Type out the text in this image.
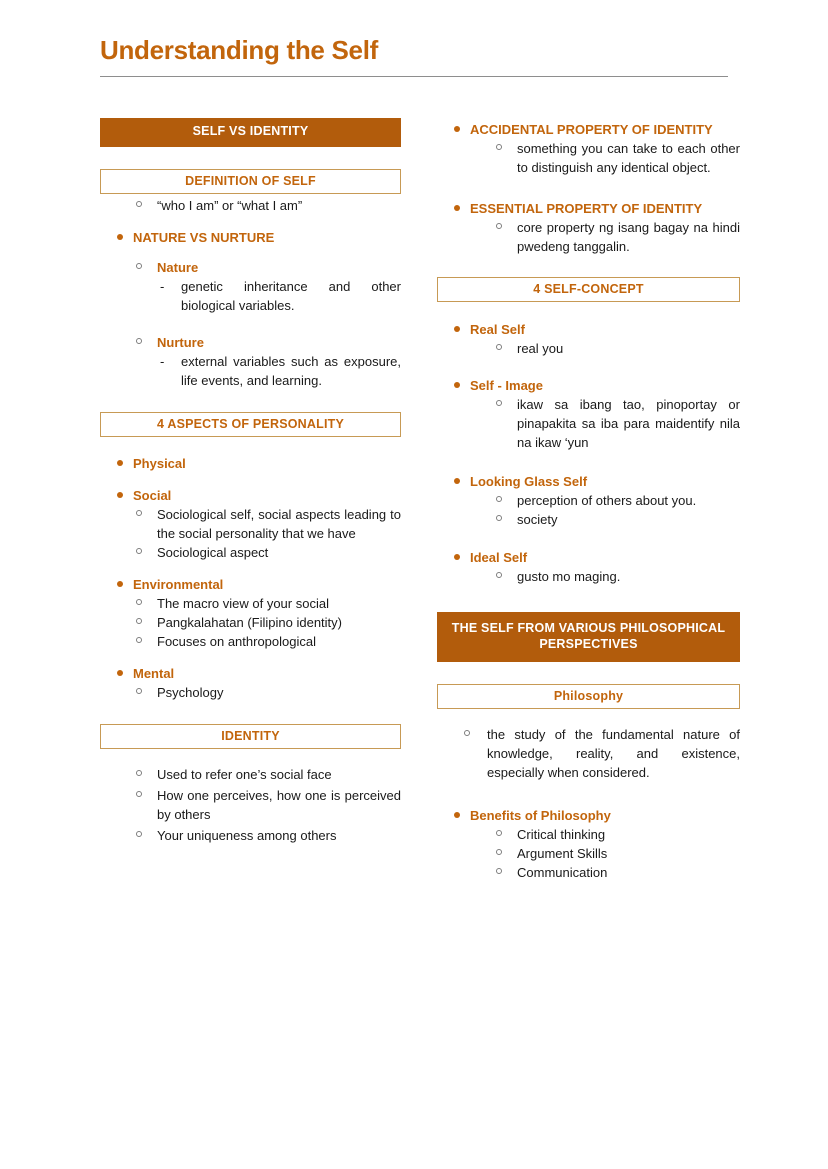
Understanding the Self
SELF VS IDENTITY
DEFINITION OF SELF
“who I am” or “what I am”
NATURE VS NURTURE
Nature
- genetic inheritance and other biological variables.
Nurture
- external variables such as exposure, life events, and learning.
4 ASPECTS OF PERSONALITY
Physical
Social
Sociological self, social aspects leading to the social personality that we have
Sociological aspect
Environmental
The macro view of your social
Pangkalahatan (Filipino identity)
Focuses on anthropological
Mental
Psychology
IDENTITY
Used to refer one’s social face
How one perceives, how one is perceived by others
Your uniqueness among others
ACCIDENTAL PROPERTY OF IDENTITY
something you can take to each other to distinguish any identical object.
ESSENTIAL PROPERTY OF IDENTITY
core property ng isang bagay na hindi pwedeng tanggalin.
4 SELF-CONCEPT
Real Self
real you
Self - Image
ikaw sa ibang tao, pinoportay or pinapakita sa iba para maidentify nila na ikaw ‘yun
Looking Glass Self
perception of others about you.
society
Ideal Self
gusto mo maging.
THE SELF FROM VARIOUS PHILOSOPHICAL PERSPECTIVES
Philosophy
the study of the fundamental nature of knowledge, reality, and existence, especially when considered.
Benefits of Philosophy
Critical thinking
Argument Skills
Communication
